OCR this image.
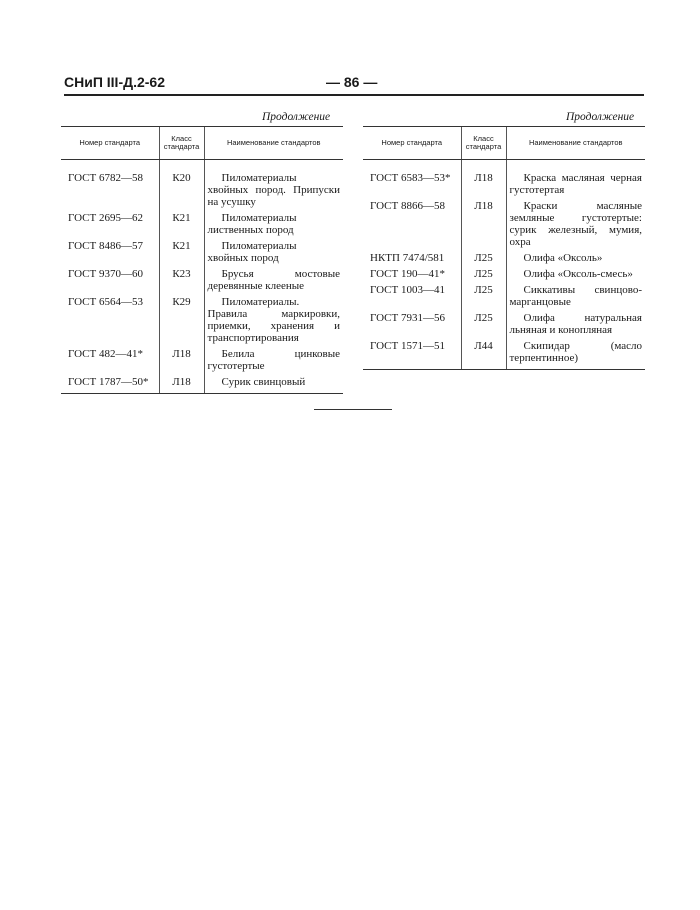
СНиП III-Д.2-62	— 86 —
Продолжение	Продолжение
Номер стандарта	Класс стандарта	Наименование стандартов
ГОСТ 6782—58	К20	Пиломатериалы хвойных пород. Припуски на усушку

ГОСТ 2695—62	К21	Пиломатериалы лиственных пород

ГОСТ 8486—57	К21	Пиломатериалы хвойных пород

ГОСТ 9370—60	К23	Брусья мостовые деревянные клееные

ГОСТ 6564—53	К29	Пиломатериалы. Правила маркировки, приемки, хранения и транспортирования

ГОСТ 482—41*	Л18	Белила цинковые густотертые

ГОСТ 1787—50*	Л18	Сурик свинцовый
Номер стандарта	Класс стандарта	Наименование стандартов
ГОСТ 6583—53*	Л18	Краска масляная черная густотертая

ГОСТ 8866—58	Л18	Краски масляные земляные густотертые: сурик железный, мумия, охра

НКТП 7474/581	Л25	Олифа «Оксоль»

ГОСТ 190—41*	Л25	Олифа «Оксоль-смесь»

ГОСТ 1003—41	Л25	Сиккативы свинцово-марганцовые

ГОСТ 7931—56	Л25	Олифа натуральная льняная и конопляная

ГОСТ 1571—51	Л44	Скипидар (масло терпентинное)
